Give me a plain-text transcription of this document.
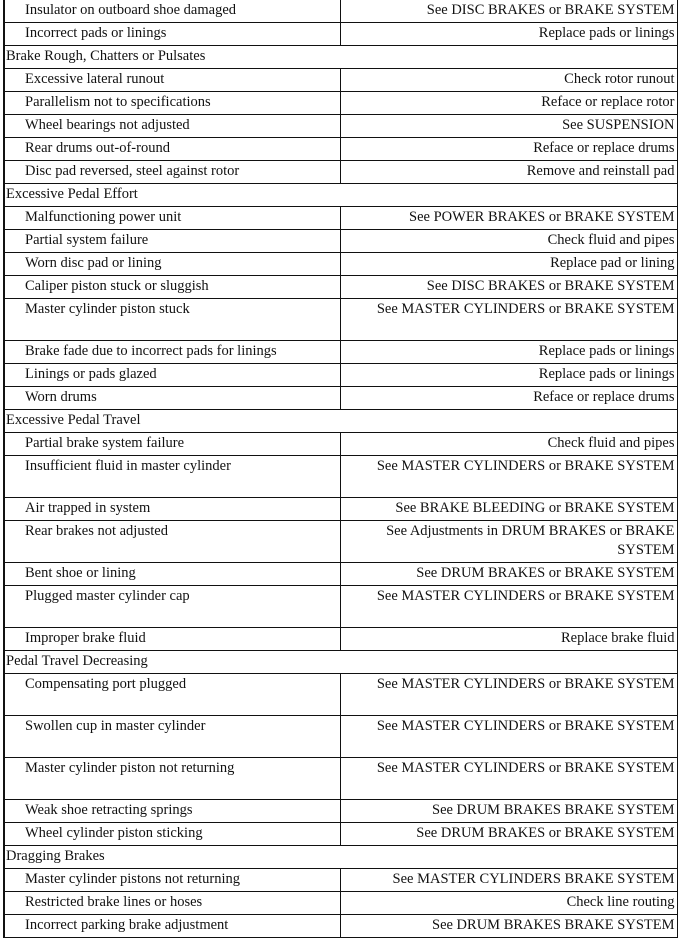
Insulator on outboard shoe damaged	See DISC BRAKES or BRAKE SYSTEM
Incorrect pads or linings	Replace pads or linings
Brake Rough, Chatters or Pulsates	
Excessive lateral runout	Check rotor runout
Parallelism not to specifications	Reface or replace rotor
Wheel bearings not adjusted	See SUSPENSION
Rear drums out-of-round	Reface or replace drums
Disc pad reversed, steel against rotor	Remove and reinstall pad
Excessive Pedal Effort	
Malfunctioning power unit	See POWER BRAKES or BRAKE SYSTEM
Partial system failure	Check fluid and pipes
Worn disc pad or lining	Replace pad or lining
Caliper piston stuck or sluggish	See DISC BRAKES or BRAKE SYSTEM
Master cylinder piston stuck	See MASTER CYLINDERS or BRAKE SYSTEM
Brake fade due to incorrect pads for linings	Replace pads or linings
Linings or pads glazed	Replace pads or linings
Worn drums	Reface or replace drums
Excessive Pedal Travel	
Partial brake system failure	Check fluid and pipes
Insufficient fluid in master cylinder	See MASTER CYLINDERS or BRAKE SYSTEM
Air trapped in system	See BRAKE BLEEDING or BRAKE SYSTEM
Rear brakes not adjusted	See Adjustments in DRUM BRAKES or BRAKE SYSTEM
Bent shoe or lining	See DRUM BRAKES or BRAKE SYSTEM
Plugged master cylinder cap	See MASTER CYLINDERS or BRAKE SYSTEM
Improper brake fluid	Replace brake fluid
Pedal Travel Decreasing	
Compensating port plugged	See MASTER CYLINDERS or BRAKE SYSTEM
Swollen cup in master cylinder	See MASTER CYLINDERS or BRAKE SYSTEM
Master cylinder piston not returning	See MASTER CYLINDERS or BRAKE SYSTEM
Weak shoe retracting springs	See DRUM BRAKES BRAKE SYSTEM
Wheel cylinder piston sticking	See DRUM BRAKES or BRAKE SYSTEM
Dragging Brakes	
Master cylinder pistons not returning	See MASTER CYLINDERS BRAKE SYSTEM
Restricted brake lines or hoses	Check line routing
Incorrect parking brake adjustment	See DRUM BRAKES BRAKE SYSTEM
